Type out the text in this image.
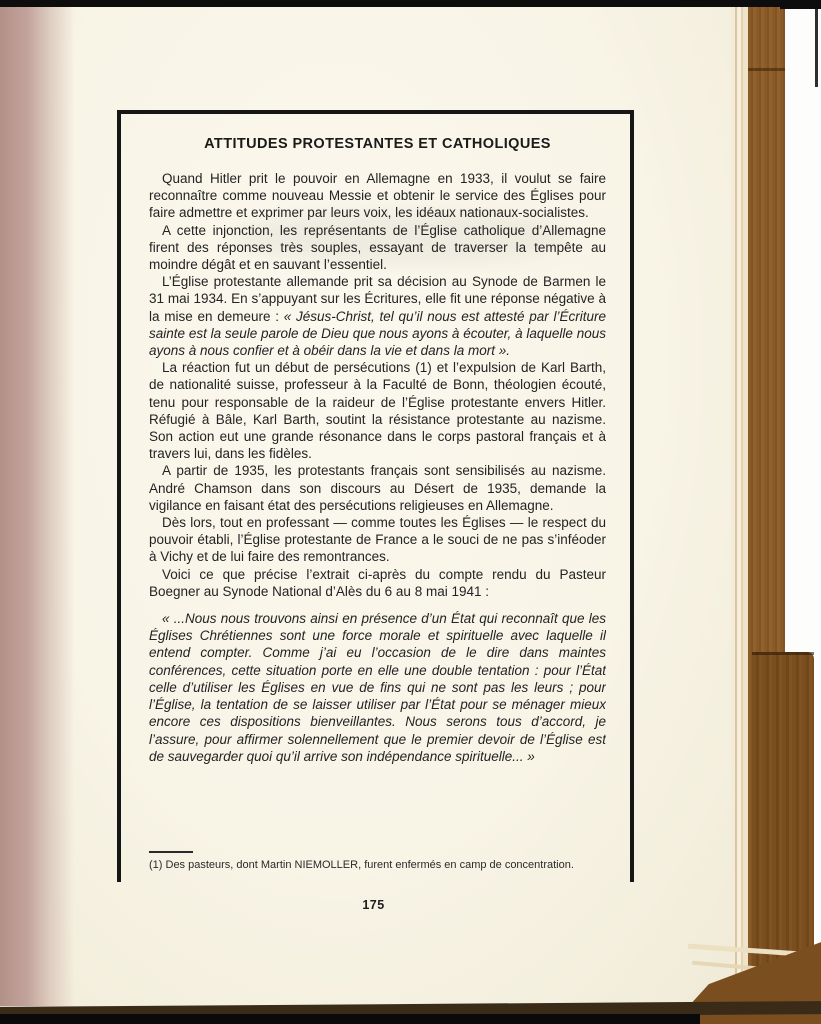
ATTITUDES PROTESTANTES ET CATHOLIQUES

Quand Hitler prit le pouvoir en Allemagne en 1933, il voulut se faire reconnaître comme nouveau Messie et obtenir le service des Églises pour faire admettre et exprimer par leurs voix, les idéaux nationaux-socialistes.

A cette injonction, les représentants de l’Église catholique d’Allemagne firent des réponses très souples, essayant de traverser la tempête au moindre dégât et en sauvant l’essentiel.

L’Église protestante allemande prit sa décision au Synode de Barmen le 31 mai 1934. En s’appuyant sur les Écritures, elle fit une réponse négative à la mise en demeure : « Jésus-Christ, tel qu’il nous est attesté par l’Écriture sainte est la seule parole de Dieu que nous ayons à écouter, à laquelle nous ayons à nous confier et à obéir dans la vie et dans la mort ».

La réaction fut un début de persécutions (1) et l’expulsion de Karl Barth, de nationalité suisse, professeur à la Faculté de Bonn, théologien écouté, tenu pour responsable de la raideur de l’Église protestante envers Hitler. Réfugié à Bâle, Karl Barth, soutint la résistance protestante au nazisme. Son action eut une grande résonance dans le corps pastoral français et à travers lui, dans les fidèles.

A partir de 1935, les protestants français sont sensibilisés au nazisme. André Chamson dans son discours au Désert de 1935, demande la vigilance en faisant état des persécutions religieuses en Allemagne.

Dès lors, tout en professant — comme toutes les Églises — le respect du pouvoir établi, l’Église protestante de France a le souci de ne pas s’inféoder à Vichy et de lui faire des remontrances.

Voici ce que précise l’extrait ci-après du compte rendu du Pasteur Boegner au Synode National d’Alès du 6 au 8 mai 1941 :

« ...Nous nous trouvons ainsi en présence d’un État qui reconnaît que les Églises Chrétiennes sont une force morale et spirituelle avec laquelle il entend compter. Comme j’ai eu l’occasion de le dire dans maintes conférences, cette situation porte en elle une double tentation : pour l’État celle d’utiliser les Églises en vue de fins qui ne sont pas les leurs ; pour l’Église, la tentation de se laisser utiliser par l’État pour se ménager mieux encore ces dispositions bienveillantes. Nous serons tous d’accord, je l’assure, pour affirmer solennellement que le premier devoir de l’Église est de sauvegarder quoi qu’il arrive son indépendance spirituelle... »

(1) Des pasteurs, dont Martin NIEMOLLER, furent enfermés en camp de concentration.
175
